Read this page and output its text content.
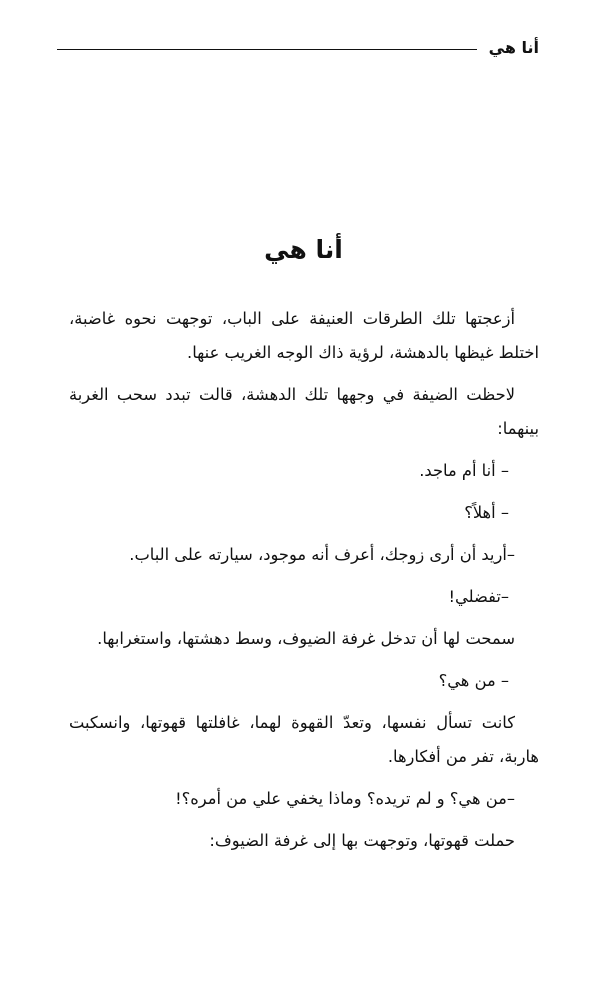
أنا هي
أنا هي

أزعجتها تلك الطرقات العنيفة على الباب، توجهت نحوه غاضبة، اختلط غيظها بالدهشة، لرؤية ذاك الوجه الغريب عنها.

لاحظت الضيفة في وجهها تلك الدهشة، قالت تبدد سحب الغربة بينهما:

– أنا أم ماجد.

– أهلاً؟

–أريد أن أرى زوجك، أعرف أنه موجود، سيارته على الباب.

–تفضلي!

سمحت لها أن تدخل غرفة الضيوف، وسط دهشتها، واستغرابها.

– من هي؟

كانت تسأل نفسها، وتعدّ القهوة لهما، غافلتها قهوتها، وانسكبت هاربة، تفر من أفكارها.

–من هي؟ و لم تريده؟ وماذا يخفي علي من أمره؟!

حملت قهوتها، وتوجهت بها إلى غرفة الضيوف:
